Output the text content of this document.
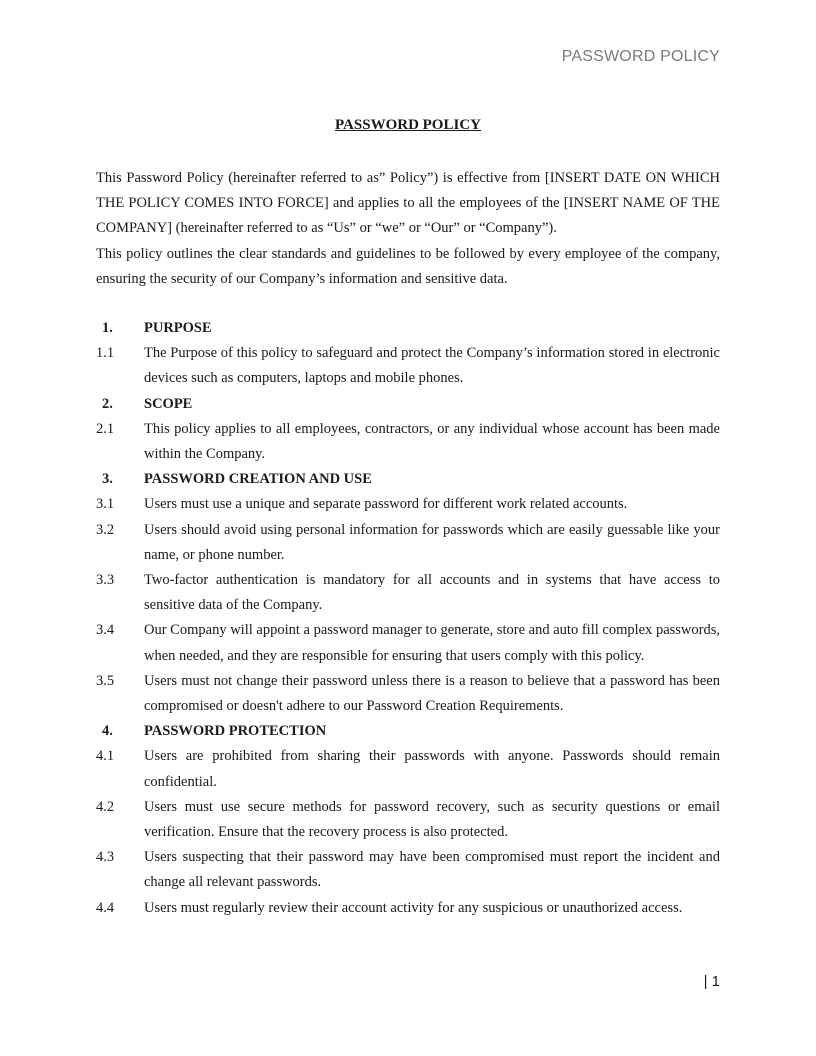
PASSWORD POLICY
PASSWORD POLICY

This Password Policy (hereinafter referred to as” Policy”) is effective from [INSERT DATE ON WHICH THE POLICY COMES INTO FORCE] and applies to all the employees of the [INSERT NAME OF THE COMPANY] (hereinafter referred to as “Us” or “we” or “Our” or “Company”).

This policy outlines the clear standards and guidelines to be followed by every employee of the company, ensuring the security of our Company’s information and sensitive data.

1.	PURPOSE
1.1	The Purpose of this policy to safeguard and protect the Company’s information stored in electronic devices such as computers, laptops and mobile phones.
2.	SCOPE
2.1	This policy applies to all employees, contractors, or any individual whose account has been made within the Company.
3.	PASSWORD CREATION AND USE
3.1	Users must use a unique and separate password for different work related accounts.
3.2	Users should avoid using personal information for passwords which are easily guessable like your name, or phone number.
3.3	Two-factor authentication is mandatory for all accounts and in systems that have access to sensitive data of the Company.
3.4	Our Company will appoint a password manager to generate, store and auto fill complex passwords, when needed, and they are responsible for ensuring that users comply with this policy.
3.5	Users must not change their password unless there is a reason to believe that a password has been compromised or doesn't adhere to our Password Creation Requirements.
4.	PASSWORD PROTECTION
4.1	Users are prohibited from sharing their passwords with anyone. Passwords should remain confidential.
4.2	Users must use secure methods for password recovery, such as security questions or email verification. Ensure that the recovery process is also protected.
4.3	Users suspecting that their password may have been compromised must report the incident and change all relevant passwords.
4.4	Users must regularly review their account activity for any suspicious or unauthorized access.
| 1
